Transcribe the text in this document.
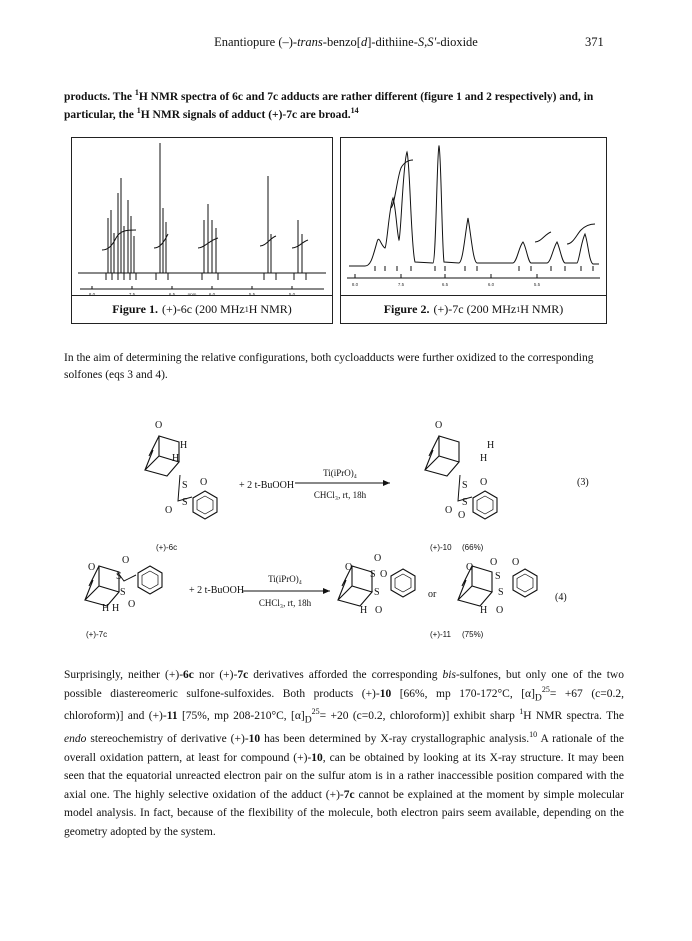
Enantiopure (–)-trans-benzo[d]-dithiine-S,S'-dioxide	371
products. The $^1$H NMR spectra of 6c and 7c adducts are rather different (figure 1 and 2 respectively) and, in particular, the $^1$H NMR signals of adduct (+)-7c are broad.$^{14}$
8.0	7.5	6.5	6.0	5.5	5.0
ppm
Figure 1. (+)-6c (200 MHz 1 H NMR)
8.0	7.5	6.5	6.0	5.5
Figure 2. (+)-7c (200 MHz 1 H NMR)
In the aim of determining the relative configurations, both cycloadducts were further oxidized to the corresponding solfones (eqs 3 and 4).
O
H
H
S O
S
O
+ 2 t-BuOOH
Ti(iPrO)₄
CHCl₃, rt, 18h
O
H
H
S O
S
O O
(3)
(+)-6c	(+)-10 (66%)
O
O
S
S
H H O
+ 2 t-BuOOH
Ti(iPrO)₄
CHCl₃, rt, 18h
O
O
S O
S
H O
or
O O O
S
S
H O
(4)
(+)-7c	(+)-11 (75%)
Surprisingly, neither (+)-6c nor (+)-7c derivatives afforded the corresponding bis-sulfones, but only one of the two possible diastereomeric sulfone-sulfoxides. Both products (+)-10 [66%, mp 170-172°C, $[\alpha]_D^{25}= +67$ (c=0.2, chloroform)] and (+)-11 [75%, mp 208-210°C, $[\alpha]_D^{25}= +20$ (c=0.2, chloroform)] exhibit sharp $^1$H NMR spectra. The endo stereochemistry of derivative (+)-10 has been determined by X-ray crystallographic analysis.$^{10}$ A rationale of the overall oxidation pattern, at least for compound (+)-10, can be obtained by looking at its X-ray structure. It may been seen that the equatorial unreacted electron pair on the sulfur atom is in a rather inaccessible position compared with the axial one. The highly selective oxidation of the adduct (+)-7c cannot be explained at the moment by simple molecular model analysis. In fact, because of the flexibility of the molecule, both electron pairs seem available, depending on the geometry adopted by the system.
